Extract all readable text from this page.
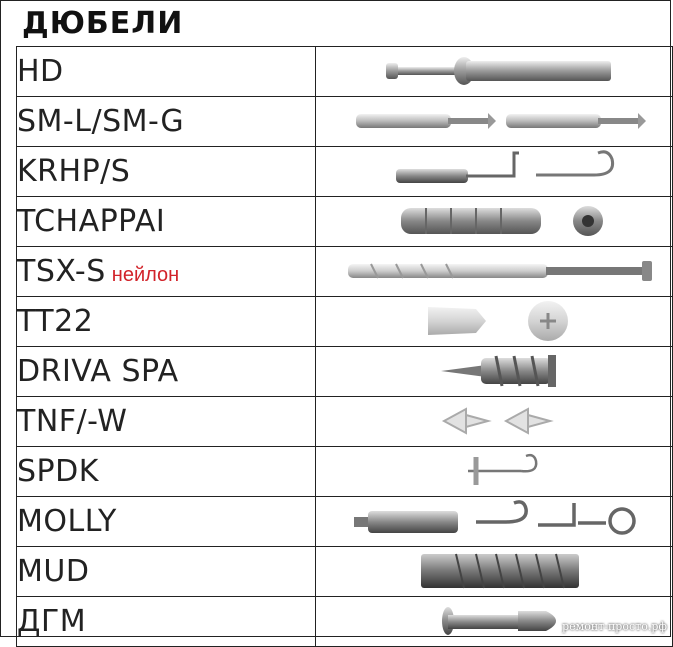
ДЮБЕЛИ
HD	

SM-L/SM-G	

KRHP/S	

TCHAPPAI	

TSX-S нейлон	

TT22	

DRIVA SPA	

TNF/-W	

SPDK	

MOLLY	

MUD	

ДГМ		ремонт-просто.рф
